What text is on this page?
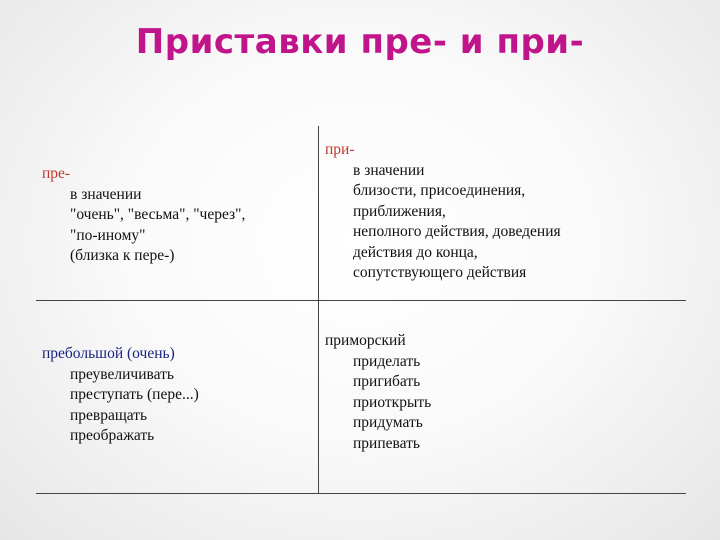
Приставки пре- и при-
пре-
в значении
"очень", "весьма", "через",
"по-иному"
(близка к пере-)
при-
в значении
близости, присоединения,
приближения,
неполного действия, доведения
действия до конца,
сопутствующего действия
пребольшой (очень)
преувеличивать
преступать (пере...)
превращать
преображать
приморский
приделать
пригибать
приоткрыть
придумать
припевать
